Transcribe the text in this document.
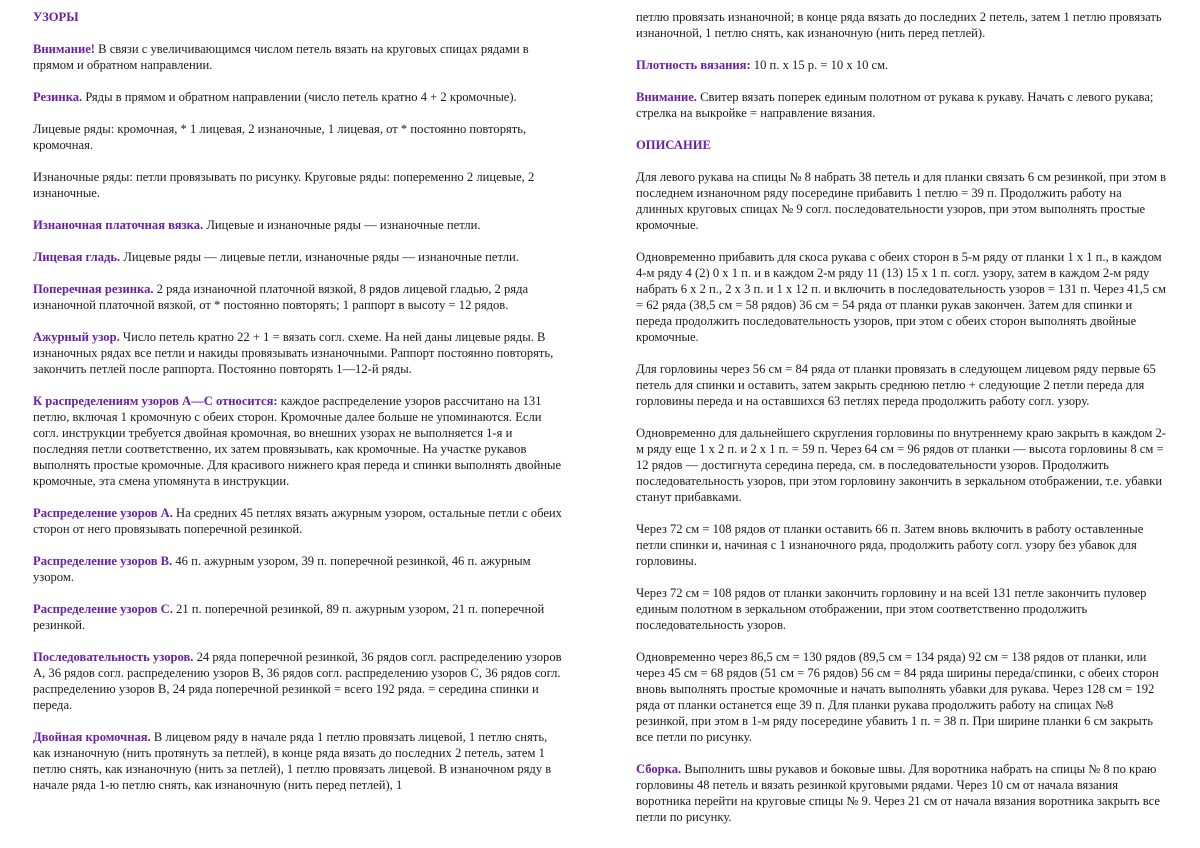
УЗОРЫ
Внимание! В связи с увеличивающимся числом петель вязать на круговых спицах рядами в прямом и обратном направлении.
Резинка. Ряды в прямом и обратном направлении (число петель кратно 4 + 2 кромочные).
Лицевые ряды: кромочная, * 1 лицевая, 2 изнаночные, 1 лицевая, от * постоянно повторять, кромочная.
Изнаночные ряды: петли провязывать по рисунку. Круговые ряды: попеременно 2 лицевые, 2 изнаночные.
Изнаночная платочная вязка. Лицевые и изнаночные ряды — изнаночные петли.
Лицевая гладь. Лицевые ряды — лицевые петли, изнаночные ряды — изнаночные петли.
Поперечная резинка. 2 ряда изнаночной платочной вязкой, 8 рядов лицевой гладью, 2 ряда изнаночной платочной вязкой, от * постоянно повторять; 1 раппорт в высоту = 12 рядов.
Ажурный узор. Число петель кратно 22 + 1 = вязать согл. схеме. На ней даны лицевые ряды. В изнаночных рядах все петли и накиды провязывать изнаночными. Раппорт постоянно повторять, закончить петлей после раппорта. Постоянно повторять 1—12-й ряды.
К распределениям узоров А—С относится: каждое распределение узоров рассчитано на 131 петлю, включая 1 кромочную с обеих сторон. Кромочные далее больше не упоминаются. Если согл. инструкции требуется двойная кромочная, во внешних узорах не выполняется 1-я и последняя петли соответственно, их затем провязывать, как кромочные. На участке рукавов выполнять простые кромочные. Для красивого нижнего края переда и спинки выполнять двойные кромочные, эта смена упомянута в инструкции.
Распределение узоров А. На средних 45 петлях вязать ажурным узором, остальные петли с обеих сторон от него провязывать поперечной резинкой.
Распределение узоров В. 46 п. ажурным узором, 39 п. поперечной резинкой, 46 п. ажурным узором.
Распределение узоров С. 21 п. поперечной резинкой, 89 п. ажурным узором, 21 п. поперечной резинкой.
Последовательность узоров. 24 ряда поперечной резинкой, 36 рядов согл. распределению узоров А, 36 рядов согл. распределению узоров В, 36 рядов согл. распределению узоров С, 36 рядов согл. распределению узоров В, 24 ряда поперечной резинкой = всего 192 ряда. = середина спинки и переда.
Двойная кромочная. В лицевом ряду в начале ряда 1 петлю провязать лицевой, 1 петлю снять, как изнаночную (нить протянуть за петлей), в конце ряда вязать до последних 2 петель, затем 1 петлю снять, как изнаночную (нить за петлей), 1 петлю провязать лицевой. В изнаночном ряду в начале ряда 1-ю петлю снять, как изнаночную (нить перед петлей), 1
петлю провязать изнаночной; в конце ряда вязать до последних 2 петель, затем 1 петлю провязать изнаночной, 1 петлю снять, как изнаночную (нить перед петлей).
Плотность вязания: 10 п. х 15 р. = 10 х 10 см.
Внимание. Свитер вязать поперек единым полотном от рукава к рукаву. Начать с левого рукава; стрелка на выкройке = направление вязания.
ОПИСАНИЕ
Для левого рукава на спицы № 8 набрать 38 петель и для планки связать 6 см резинкой, при этом в последнем изнаночном ряду посередине прибавить 1 петлю = 39 п. Продолжить работу на длинных круговых спицах № 9 согл. последовательности узоров, при этом выполнять простые кромочные.
Одновременно прибавить для скоса рукава с обеих сторон в 5-м ряду от планки 1 х 1 п., в каждом 4-м ряду 4 (2) 0 х 1 п. и в каждом 2-м ряду 11 (13) 15 х 1 п. согл. узору, затем в каждом 2-м ряду набрать 6 х 2 п., 2 х 3 п. и 1 х 12 п. и включить в последовательность узоров = 131 п. Через 41,5 см = 62 ряда (38,5 см = 58 рядов) 36 см = 54 ряда от планки рукав закончен. Затем для спинки и переда продолжить последовательность узоров, при этом с обеих сторон выполнять двойные кромочные.
Для горловины через 56 см = 84 ряда от планки провязать в следующем лицевом ряду первые 65 петель для спинки и оставить, затем закрыть среднюю петлю + следующие 2 петли переда для горловины переда и на оставшихся 63 петлях переда продолжить работу согл. узору.
Одновременно для дальнейшего скругления горловины по внутреннему краю закрыть в каждом 2-м ряду еще 1 х 2 п. и 2 х 1 п. = 59 п. Через 64 см = 96 рядов от планки — высота горловины 8 см = 12 рядов — достигнута середина переда, см. в последовательности узоров. Продолжить последовательность узоров, при этом горловину закончить в зеркальном отображении, т.е. убавки станут прибавками.
Через 72 см = 108 рядов от планки оставить 66 п. Затем вновь включить в работу оставленные петли спинки и, начиная с 1 изнаночного ряда, продолжить работу согл. узору без убавок для горловины.
Через 72 см = 108 рядов от планки закончить горловину и на всей 131 петле закончить пуловер единым полотном в зеркальном отображении, при этом соответственно продолжить последовательность узоров.
Одновременно через 86,5 см = 130 рядов (89,5 см = 134 ряда) 92 см = 138 рядов от планки, или через 45 см = 68 рядов (51 см = 76 рядов) 56 см = 84 ряда ширины переда/спинки, с обеих сторон вновь выполнять простые кромочные и начать выполнять убавки для рукава. Через 128 см = 192 ряда от планки останется еще 39 п. Для планки рукава продолжить работу на спицах №8 резинкой, при этом в 1-м ряду посередине убавить 1 п. = 38 п. При ширине планки 6 см закрыть все петли по рисунку.
Сборка. Выполнить швы рукавов и боковые швы. Для воротника набрать на спицы № 8 по краю горловины 48 петель и вязать резинкой круговыми рядами. Через 10 см от начала вязания воротника перейти на круговые спицы № 9. Через 21 см от начала вязания воротника закрыть все петли по рисунку.
